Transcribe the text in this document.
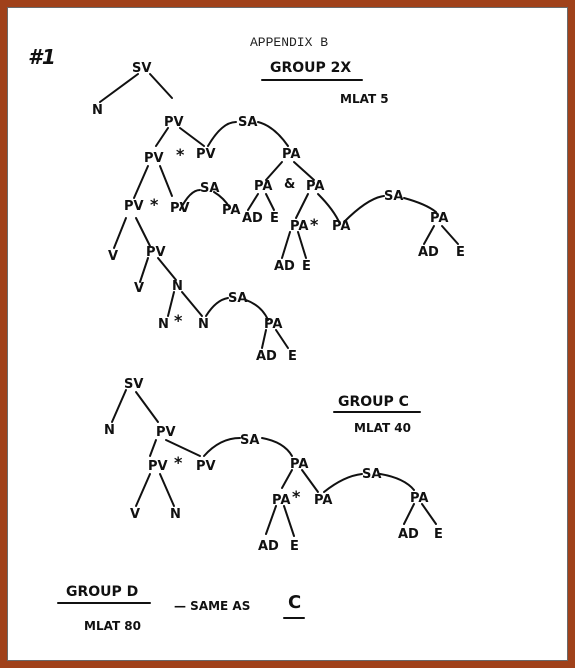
APPENDIX B
#1	GROUP 2X
MLAT 5
SV
N
PV
PV * PV
SA
PA
PV * PV
SA
PA
PA & PA
AD E
PA * PA
SA
PA
AD E
AD E
V PV
V N
N * N
SA
PA
AD E
GROUP C
MLAT 40
SV
N	PV
PV * PV
SA
PA
V N
PA * PA
SA
PA
AD E
AD E
GROUP D
MLAT 80
— SAME AS C
